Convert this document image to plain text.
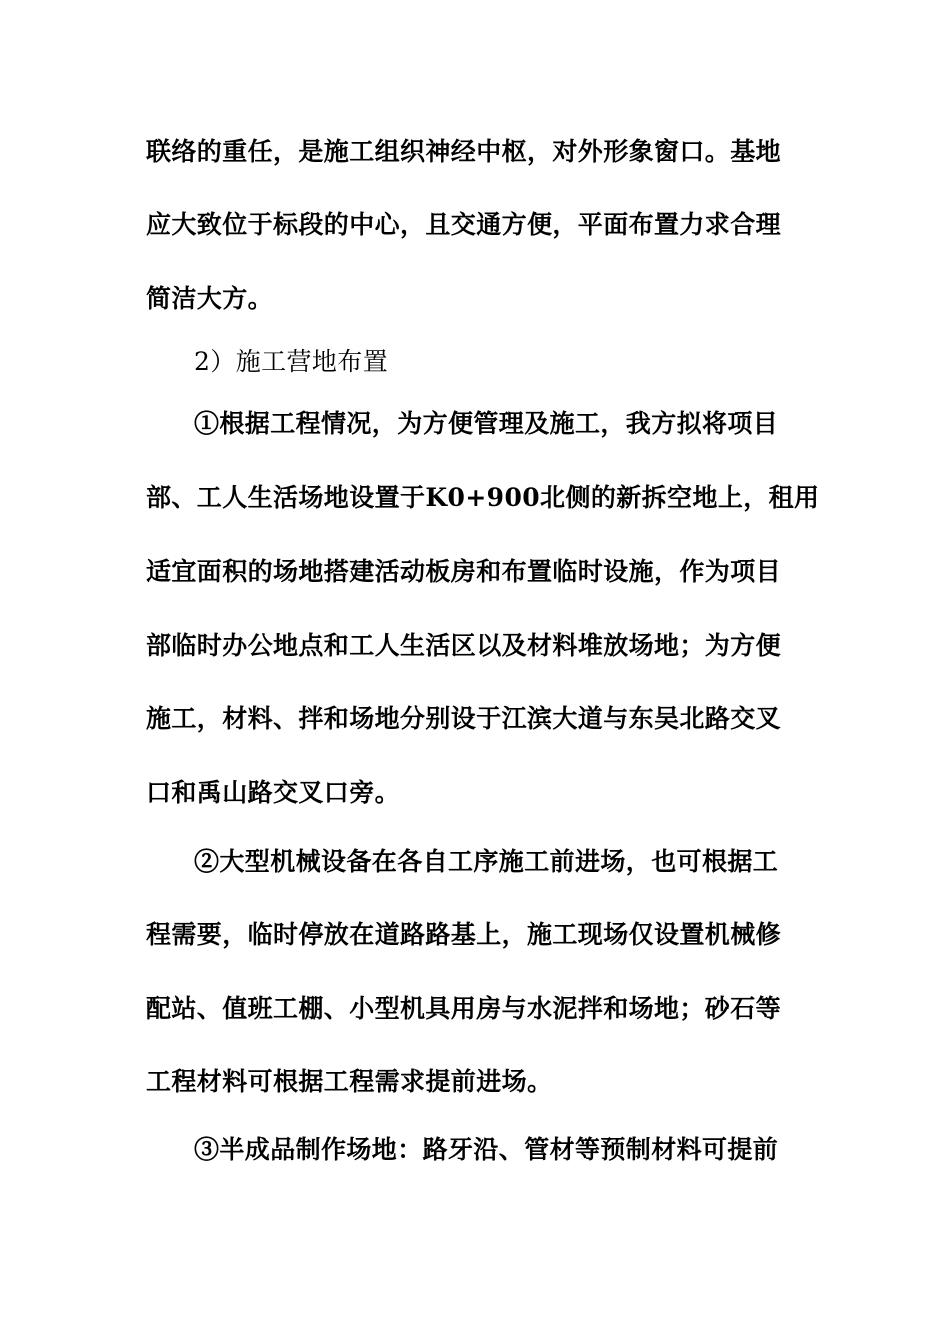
联络的重任，是施工组织神经中枢，对外形象窗口。基地
应大致位于标段的中心，且交通方便，平面布置力求合理
简洁大方。
2）施工营地布置
①根据工程情况，为方便管理及施工，我方拟将项目
部、工人生活场地设置于K0+900北侧的新拆空地上，租用
适宜面积的场地搭建活动板房和布置临时设施，作为项目
部临时办公地点和工人生活区以及材料堆放场地；为方便
施工，材料、拌和场地分别设于江滨大道与东吴北路交叉
口和禹山路交叉口旁。
②大型机械设备在各自工序施工前进场，也可根据工
程需要，临时停放在道路路基上，施工现场仅设置机械修
配站、值班工棚、小型机具用房与水泥拌和场地；砂石等
工程材料可根据工程需求提前进场。
③半成品制作场地：路牙沿、管材等预制材料可提前
